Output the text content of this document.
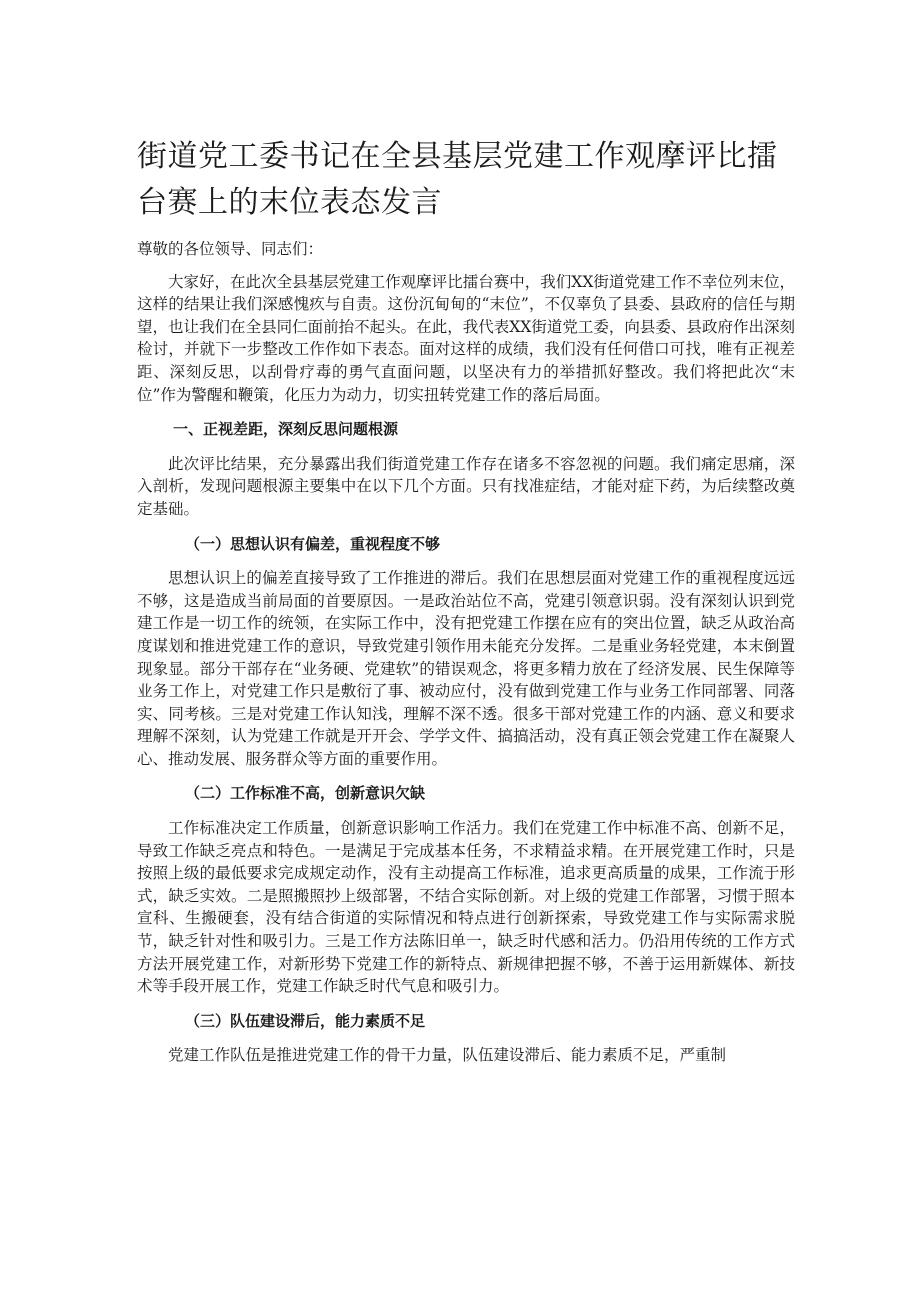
街道党工委书记在全县基层党建工作观摩评比擂台赛上的末位表态发言

尊敬的各位领导、同志们：

大家好，在此次全县基层党建工作观摩评比擂台赛中，我们XX街道党建工作不幸位列末位，这样的结果让我们深感愧疚与自责。这份沉甸甸的“末位”，不仅辜负了县委、县政府的信任与期望，也让我们在全县同仁面前抬不起头。在此，我代表XX街道党工委，向县委、县政府作出深刻检讨，并就下一步整改工作作如下表态。面对这样的成绩，我们没有任何借口可找，唯有正视差距、深刻反思，以刮骨疗毒的勇气直面问题，以坚决有力的举措抓好整改。我们将把此次“末位”作为警醒和鞭策，化压力为动力，切实扭转党建工作的落后局面。

一、正视差距，深刻反思问题根源

此次评比结果，充分暴露出我们街道党建工作存在诸多不容忽视的问题。我们痛定思痛，深入剖析，发现问题根源主要集中在以下几个方面。只有找准症结，才能对症下药，为后续整改奠定基础。

（一）思想认识有偏差，重视程度不够

思想认识上的偏差直接导致了工作推进的滞后。我们在思想层面对党建工作的重视程度远远不够，这是造成当前局面的首要原因。一是政治站位不高，党建引领意识弱。没有深刻认识到党建工作是一切工作的统领，在实际工作中，没有把党建工作摆在应有的突出位置，缺乏从政治高度谋划和推进党建工作的意识，导致党建引领作用未能充分发挥。二是重业务轻党建，本末倒置现象显。部分干部存在“业务硬、党建软”的错误观念，将更多精力放在了经济发展、民生保障等业务工作上，对党建工作只是敷衍了事、被动应付，没有做到党建工作与业务工作同部署、同落实、同考核。三是对党建工作认知浅，理解不深不透。很多干部对党建工作的内涵、意义和要求理解不深刻，认为党建工作就是开开会、学学文件、搞搞活动，没有真正领会党建工作在凝聚人心、推动发展、服务群众等方面的重要作用。

（二）工作标准不高，创新意识欠缺

工作标准决定工作质量，创新意识影响工作活力。我们在党建工作中标准不高、创新不足，导致工作缺乏亮点和特色。一是满足于完成基本任务，不求精益求精。在开展党建工作时，只是按照上级的最低要求完成规定动作，没有主动提高工作标准，追求更高质量的成果，工作流于形式，缺乏实效。二是照搬照抄上级部署，不结合实际创新。对上级的党建工作部署，习惯于照本宣科、生搬硬套，没有结合街道的实际情况和特点进行创新探索，导致党建工作与实际需求脱节，缺乏针对性和吸引力。三是工作方法陈旧单一，缺乏时代感和活力。仍沿用传统的工作方式方法开展党建工作，对新形势下党建工作的新特点、新规律把握不够，不善于运用新媒体、新技术等手段开展工作，党建工作缺乏时代气息和吸引力。

（三）队伍建设滞后，能力素质不足

党建工作队伍是推进党建工作的骨干力量，队伍建设滞后、能力素质不足，严重制
